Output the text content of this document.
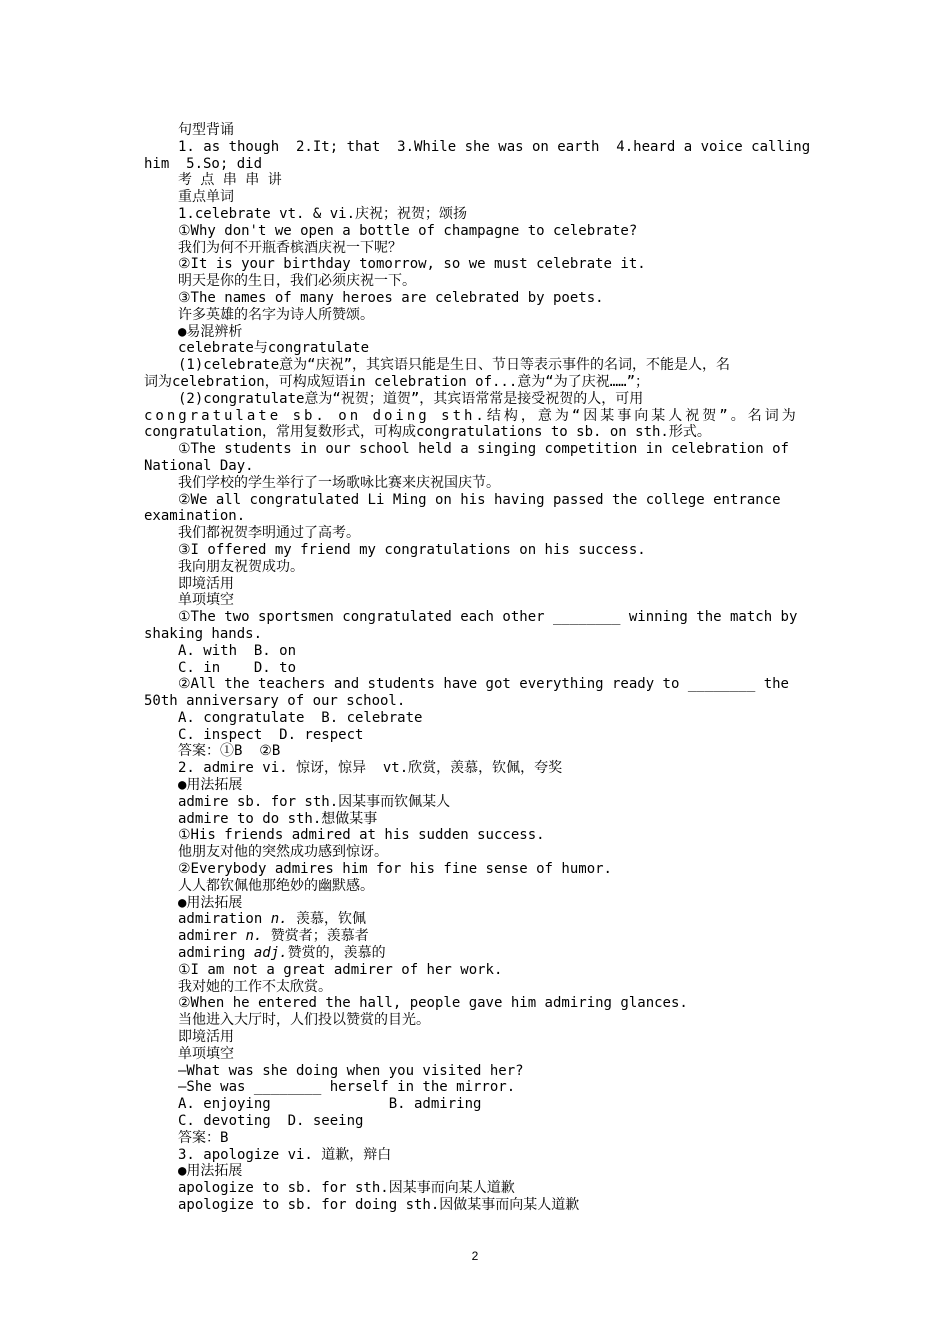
句型背诵
1. as though  2.It; that  3.While she was on earth  4.heard a voice calling
him  5.So; did
考 点 串 串 讲
重点单词
1.celebrate vt. & vi.庆祝；祝贺；颂扬
①Why don't we open a bottle of champagne to celebrate?
我们为何不开瓶香槟酒庆祝一下呢？
②It is your birthday tomorrow, so we must celebrate it.
明天是你的生日，我们必须庆祝一下。
③The names of many heroes are celebrated by poets.
许多英雄的名字为诗人所赞颂。
●易混辨析
celebrate与congratulate
(1)celebrate意为“庆祝”，其宾语只能是生日、节日等表示事件的名词，不能是人，名
词为celebration，可构成短语in celebration of...意为“为了庆祝……”；
(2)congratulate意为“祝贺；道贺”，其宾语常常是接受祝贺的人，可用
congratulate sb. on doing sth.结构，意为“因某事向某人祝贺”。名词为
congratulation，常用复数形式，可构成congratulations to sb. on sth.形式。
①The students in our school held a singing competition in celebration of
National Day.
我们学校的学生举行了一场歌咏比赛来庆祝国庆节。
②We all congratulated Li Ming on his having passed the college entrance
examination.
我们都祝贺李明通过了高考。
③I offered my friend my congratulations on his success.
我向朋友祝贺成功。
即境活用
单项填空
①The two sportsmen congratulated each other ________ winning the match by
shaking hands.
A. with  B. on
C. in    D. to
②All the teachers and students have got everything ready to ________ the
50th anniversary of our school.
A. congratulate  B. celebrate
C. inspect  D. respect
答案：①B  ②B
2. admire vi. 惊讶，惊异  vt.欣赏，羡慕，钦佩，夸奖
●用法拓展
admire sb. for sth.因某事而钦佩某人
admire to do sth.想做某事
①His friends admired at his sudden success.
他朋友对他的突然成功感到惊讶。
②Everybody admires him for his fine sense of humor.
人人都钦佩他那绝妙的幽默感。
●用法拓展
admiration n. 羡慕，钦佩
admirer n. 赞赏者；羡慕者
admiring adj.赞赏的，羡慕的
①I am not a great admirer of her work.
我对她的工作不太欣赏。
②When he entered the hall, people gave him admiring glances.
当他进入大厅时，人们投以赞赏的目光。
即境活用
单项填空
—What was she doing when you visited her?
—She was ________ herself in the mirror.
A. enjoying              B. admiring
C. devoting  D. seeing
答案：B
3. apologize vi. 道歉，辩白
●用法拓展
apologize to sb. for sth.因某事而向某人道歉
apologize to sb. for doing sth.因做某事而向某人道歉
2
